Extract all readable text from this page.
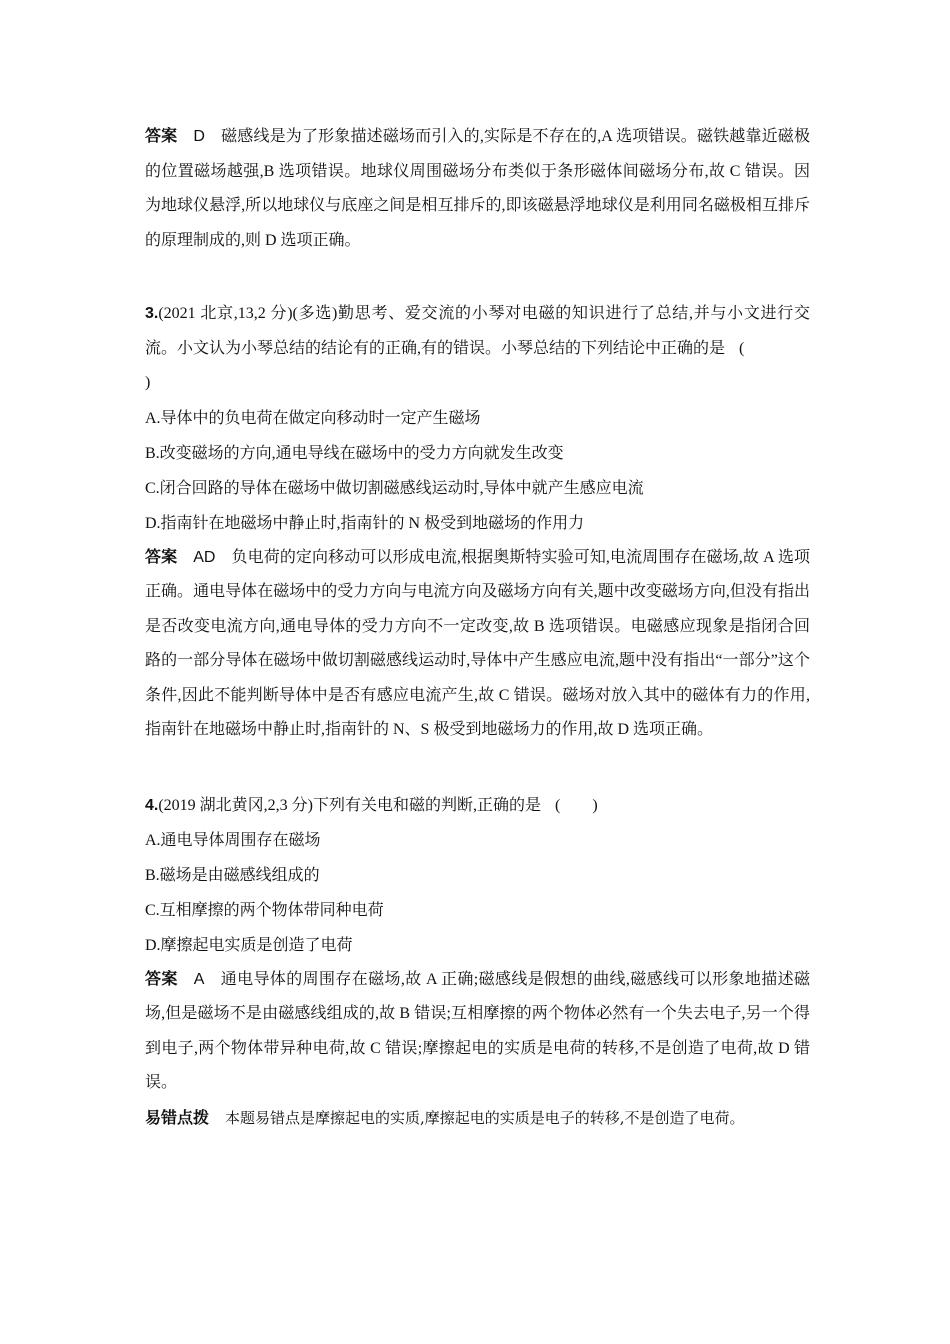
答案 D 磁感线是为了形象描述磁场而引入的,实际是不存在的,A 选项错误。磁铁越靠近磁极的位置磁场越强,B 选项错误。地球仪周围磁场分布类似于条形磁体间磁场分布,故 C 错误。因为地球仪悬浮,所以地球仪与底座之间是相互排斥的,即该磁悬浮地球仪是利用同名磁极相互排斥的原理制成的,则 D 选项正确。

3.(2021 北京,13,2 分)(多选)勤思考、爱交流的小琴对电磁的知识进行了总结,并与小文进行交流。小文认为小琴总结的结论有的正确,有的错误。小琴总结的下列结论中正确的是 (
)

A.导体中的负电荷在做定向移动时一定产生磁场

B.改变磁场的方向,通电导线在磁场中的受力方向就发生改变

C.闭合回路的导体在磁场中做切割磁感线运动时,导体中就产生感应电流

D.指南针在地磁场中静止时,指南针的 N 极受到地磁场的作用力

答案 AD 负电荷的定向移动可以形成电流,根据奥斯特实验可知,电流周围存在磁场,故 A 选项正确。通电导体在磁场中的受力方向与电流方向及磁场方向有关,题中改变磁场方向,但没有指出是否改变电流方向,通电导体的受力方向不一定改变,故 B 选项错误。电磁感应现象是指闭合回路的一部分导体在磁场中做切割磁感线运动时,导体中产生感应电流,题中没有指出“一部分”这个条件,因此不能判断导体中是否有感应电流产生,故 C 错误。磁场对放入其中的磁体有力的作用,指南针在地磁场中静止时,指南针的 N、S 极受到地磁场力的作用,故 D 选项正确。

4.(2019 湖北黄冈,2,3 分)下列有关电和磁的判断,正确的是 (　　)

A.通电导体周围存在磁场

B.磁场是由磁感线组成的

C.互相摩擦的两个物体带同种电荷

D.摩擦起电实质是创造了电荷

答案 A 通电导体的周围存在磁场,故 A 正确;磁感线是假想的曲线,磁感线可以形象地描述磁场,但是磁场不是由磁感线组成的,故 B 错误;互相摩擦的两个物体必然有一个失去电子,另一个得到电子,两个物体带异种电荷,故 C 错误;摩擦起电的实质是电荷的转移,不是创造了电荷,故 D 错误。

易错点拨 本题易错点是摩擦起电的实质,摩擦起电的实质是电子的转移,不是创造了电荷。
